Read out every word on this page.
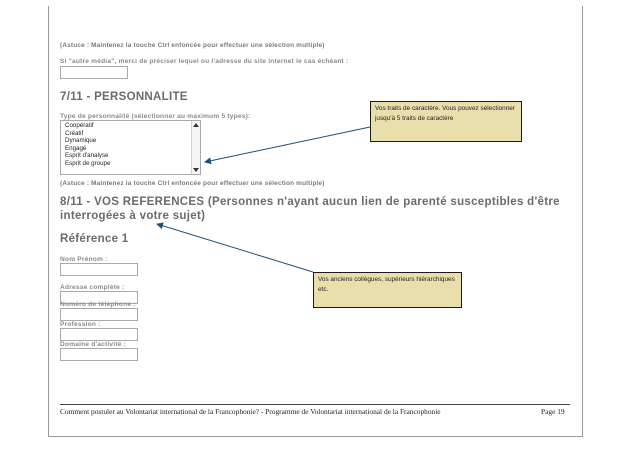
(Astuce : Maintenez la touche Ctrl enfoncée pour effectuer une sélection multiple)
Si "autre média", merci de préciser lequel ou l'adresse du site internet le cas échéant :
7/11 - PERSONNALITE
Type de personnalité (sélectionner au maximum 5 types):
Coopératif
Créatif
Dynamique
Engagé
Esprit d'analyse
Esprit de groupe
(Astuce : Maintenez la touche Ctrl enfoncée pour effectuer une sélection multiple)
Vos traits de caractère. Vous pouvez sélectionner jusqu'à 5 traits de caractère
8/11 - VOS REFERENCES (Personnes n'ayant aucun lien de parenté susceptibles d'être interrogées à votre sujet)
Référence 1
Nom Prénom :
Adresse complète :
Numéro de téléphone :
Profession :
Domaine d'activité :
Vos anciens collègues, supérieurs hiérarchiques etc.
Comment postuler au Volontariat international de la Francophonie? - Programme de Volontariat international de la Francophonie	Page 19
